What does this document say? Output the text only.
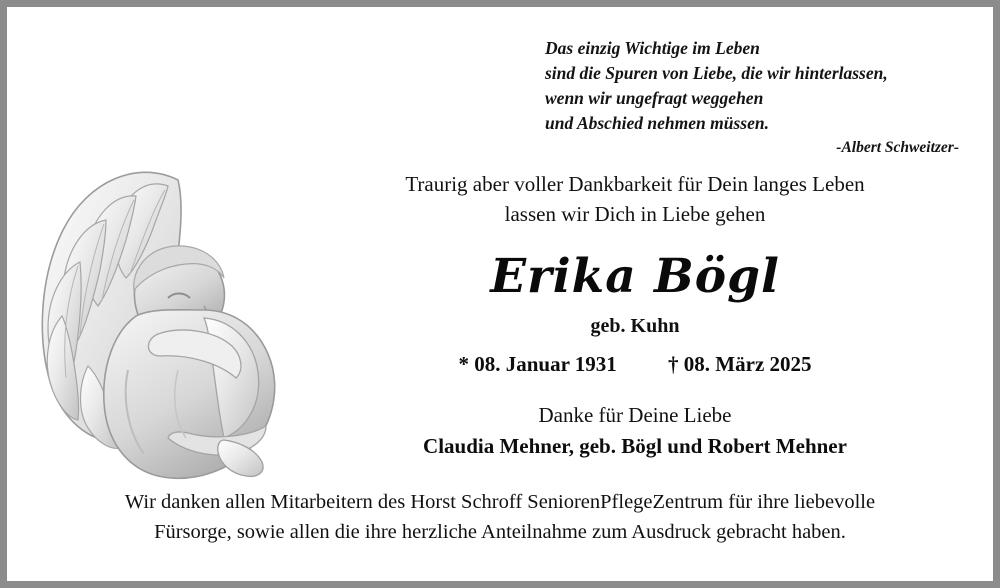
Das einzig Wichtige im Leben
sind die Spuren von Liebe, die wir hinterlassen,
wenn wir ungefragt weggehen
und Abschied nehmen müssen.
-Albert Schweitzer-
Traurig aber voller Dankbarkeit für Dein langes Leben
lassen wir Dich in Liebe gehen
Erika Bögl
geb. Kuhn
* 08. Januar 1931 † 08. März 2025
Danke für Deine Liebe
Claudia Mehner, geb. Bögl und Robert Mehner
Wir danken allen Mitarbeitern des Horst Schroff SeniorenPflegeZentrum für ihre liebevolle
Fürsorge, sowie allen die ihre herzliche Anteilnahme zum Ausdruck gebracht haben.
